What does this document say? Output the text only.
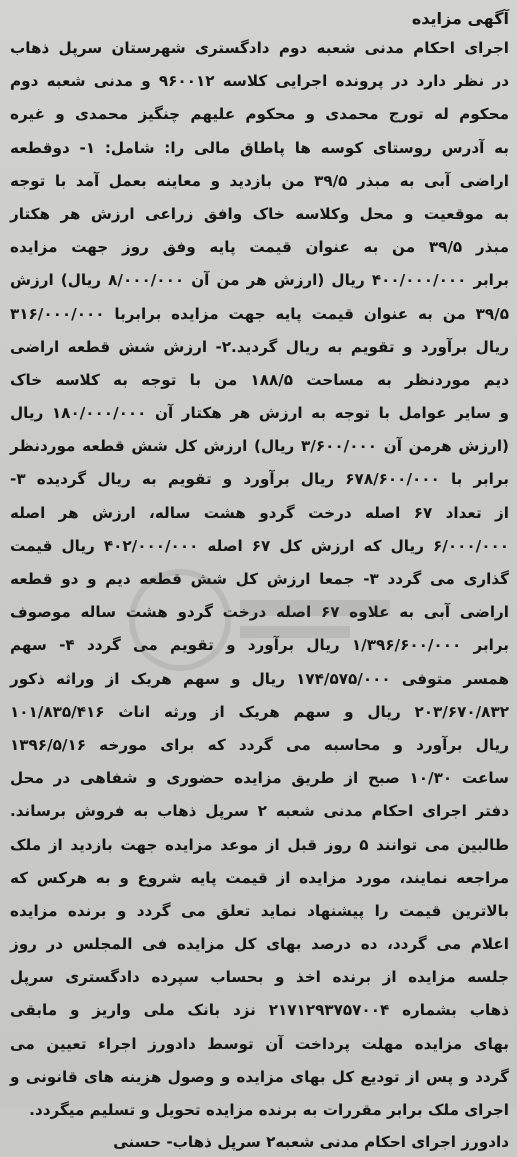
آگهی مزایده
اجرای احکام مدنی شعبه دوم دادگستری شهرستان سرپل ذهاب
در نظر دارد در پرونده اجرایی کلاسه ۹۶۰۰۱۲ و مدنی شعبه دوم
محکوم له تورج محمدی و محکوم علیهم چنگیز محمدی و غیره
به آدرس روستای کوسه ها پاطاق مالی را: شامل: ۱- دوقطعه
اراضی آبی به مبذر ۳۹/۵ من بازدید و معاینه بعمل آمد با توجه
به موقعیت و محل وکلاسه خاک وافق زراعی ارزش هر هکتار
مبذر ۳۹/۵ من به عنوان قیمت پایه وفق روز جهت مزایده
برابر ۴۰۰/۰۰۰/۰۰۰ ریال (ارزش هر من آن ۸/۰۰۰/۰۰۰ ریال) ارزش
۳۹/۵ من به عنوان قیمت پایه جهت مزایده برابربا ۳۱۶/۰۰۰/۰۰۰
ریال برآورد و تقویم به ریال گردید.۲- ارزش شش قطعه اراضی
دیم موردنظر به مساحت ۱۸۸/۵ من با توجه به کلاسه خاک
و سایر عوامل با توجه به ارزش هر هکتار آن ۱۸۰/۰۰۰/۰۰۰ ریال
(ارزش هرمن آن ۳/۶۰۰/۰۰۰ ریال) ارزش کل شش قطعه موردنظر
برابر با ۶۷۸/۶۰۰/۰۰۰ ریال برآورد و تقویم به ریال گردیده ۳-
از تعداد ۶۷ اصله درخت گردو هشت ساله، ارزش هر اصله
۶/۰۰۰/۰۰۰ ریال که ارزش کل ۶۷ اصله ۴۰۲/۰۰۰/۰۰۰ ریال قیمت
گذاری می گردد ۳- جمعا ارزش کل شش قطعه دیم و دو قطعه
اراضی آبی به علاوه ۶۷ اصله درخت گردو هشت ساله موصوف
برابر ۱/۳۹۶/۶۰۰/۰۰۰ ریال برآورد و تقویم می گردد ۴- سهم
همسر متوفی ۱۷۴/۵۷۵/۰۰۰ ریال و سهم هریک از وراثه ذکور
۲۰۳/۶۷۰/۸۳۲ ریال و سهم هریک از ورثه اناث ۱۰۱/۸۳۵/۴۱۶
ریال برآورد و محاسبه می گردد که برای مورخه ۱۳۹۶/۵/۱۶
ساعت ۱۰/۳۰ صبح از طریق مزایده حضوری و شفاهی در محل
دفتر اجرای احکام مدنی شعبه ۲ سرپل ذهاب به فروش برساند.
طالبین می توانند ۵ روز قبل از موعد مزایده جهت بازدید از ملک
مراجعه نمایند، مورد مزایده از قیمت پایه شروع و به هرکس که
بالاترین قیمت را پیشنهاد نماید تعلق می گردد و برنده مزایده
اعلام می گردد، ده درصد بهای کل مزایده فی المجلس در روز
جلسه مزایده از برنده اخذ و بحساب سپرده دادگستری سرپل
ذهاب بشماره ۲۱۷۱۲۹۳۷۵۷۰۰۴ نزد بانک ملی واریز و مابقی
بهای مزایده مهلت پرداخت آن توسط دادورز اجراء تعیین می
گردد و پس از تودیع کل بهای مزایده و وصول هزینه های قانونی و
اجرای ملک برابر مقررات به برنده مزایده تحویل و تسلیم میگردد.
دادورز اجرای احکام مدنی شعبه۲ سرپل ذهاب- حسنی
